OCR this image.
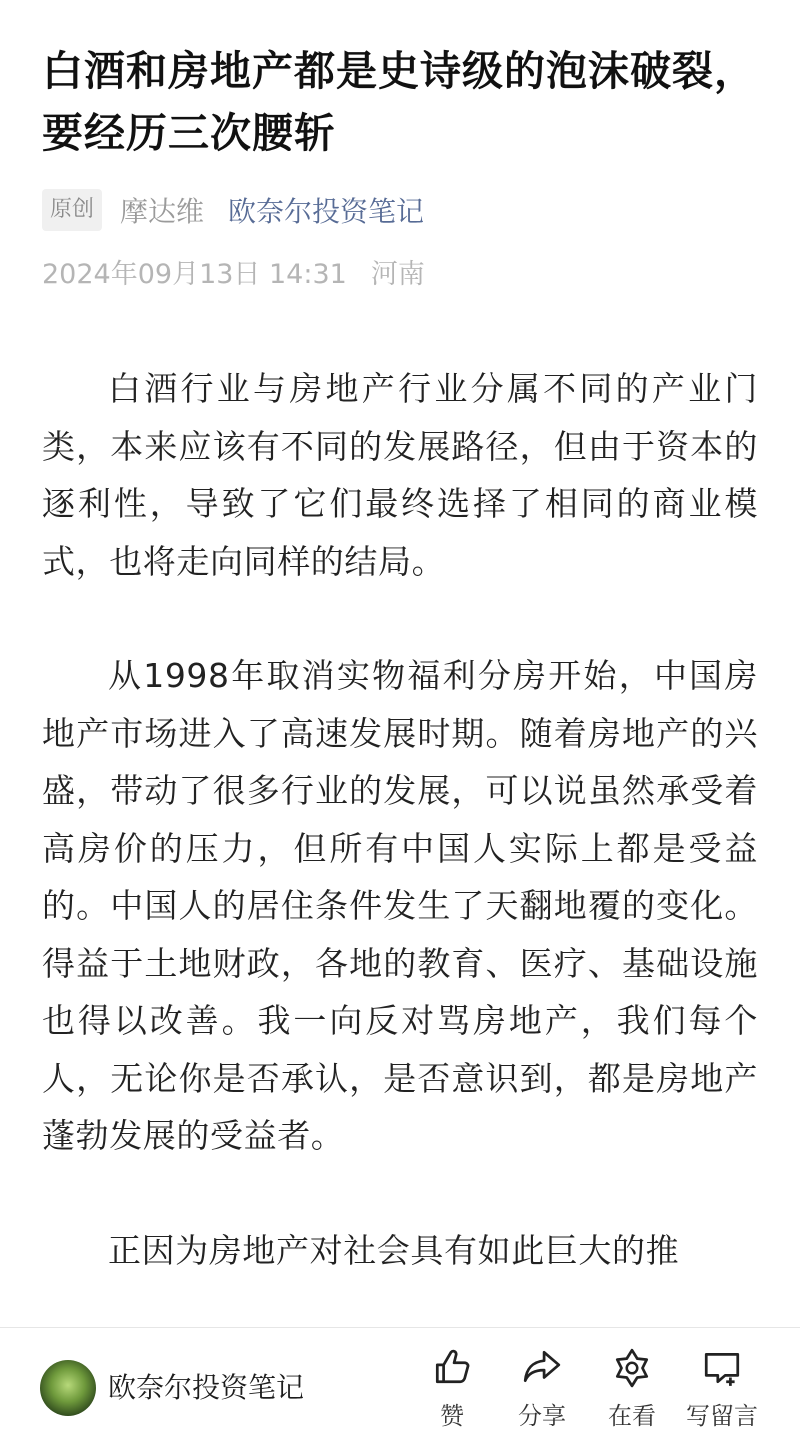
白酒和房地产都是史诗级的泡沫破裂，要经历三次腰斩
原创 摩达维 欧奈尔投资笔记
2024年09月13日 14:31 河南

白酒行业与房地产行业分属不同的产业门类，本来应该有不同的发展路径，但由于资本的逐利性，导致了它们最终选择了相同的商业模式，也将走向同样的结局。

从1998年取消实物福利分房开始，中国房地产市场进入了高速发展时期。随着房地产的兴盛，带动了很多行业的发展，可以说虽然承受着高房价的压力，但所有中国人实际上都是受益的。中国人的居住条件发生了天翻地覆的变化。得益于土地财政，各地的教育、医疗、基础设施也得以改善。我一向反对骂房地产，我们每个人，无论你是否承认，是否意识到，都是房地产蓬勃发展的受益者。

正因为房地产对社会具有如此巨大的推

欧奈尔投资笔记
赞 分享 在看 写留言
